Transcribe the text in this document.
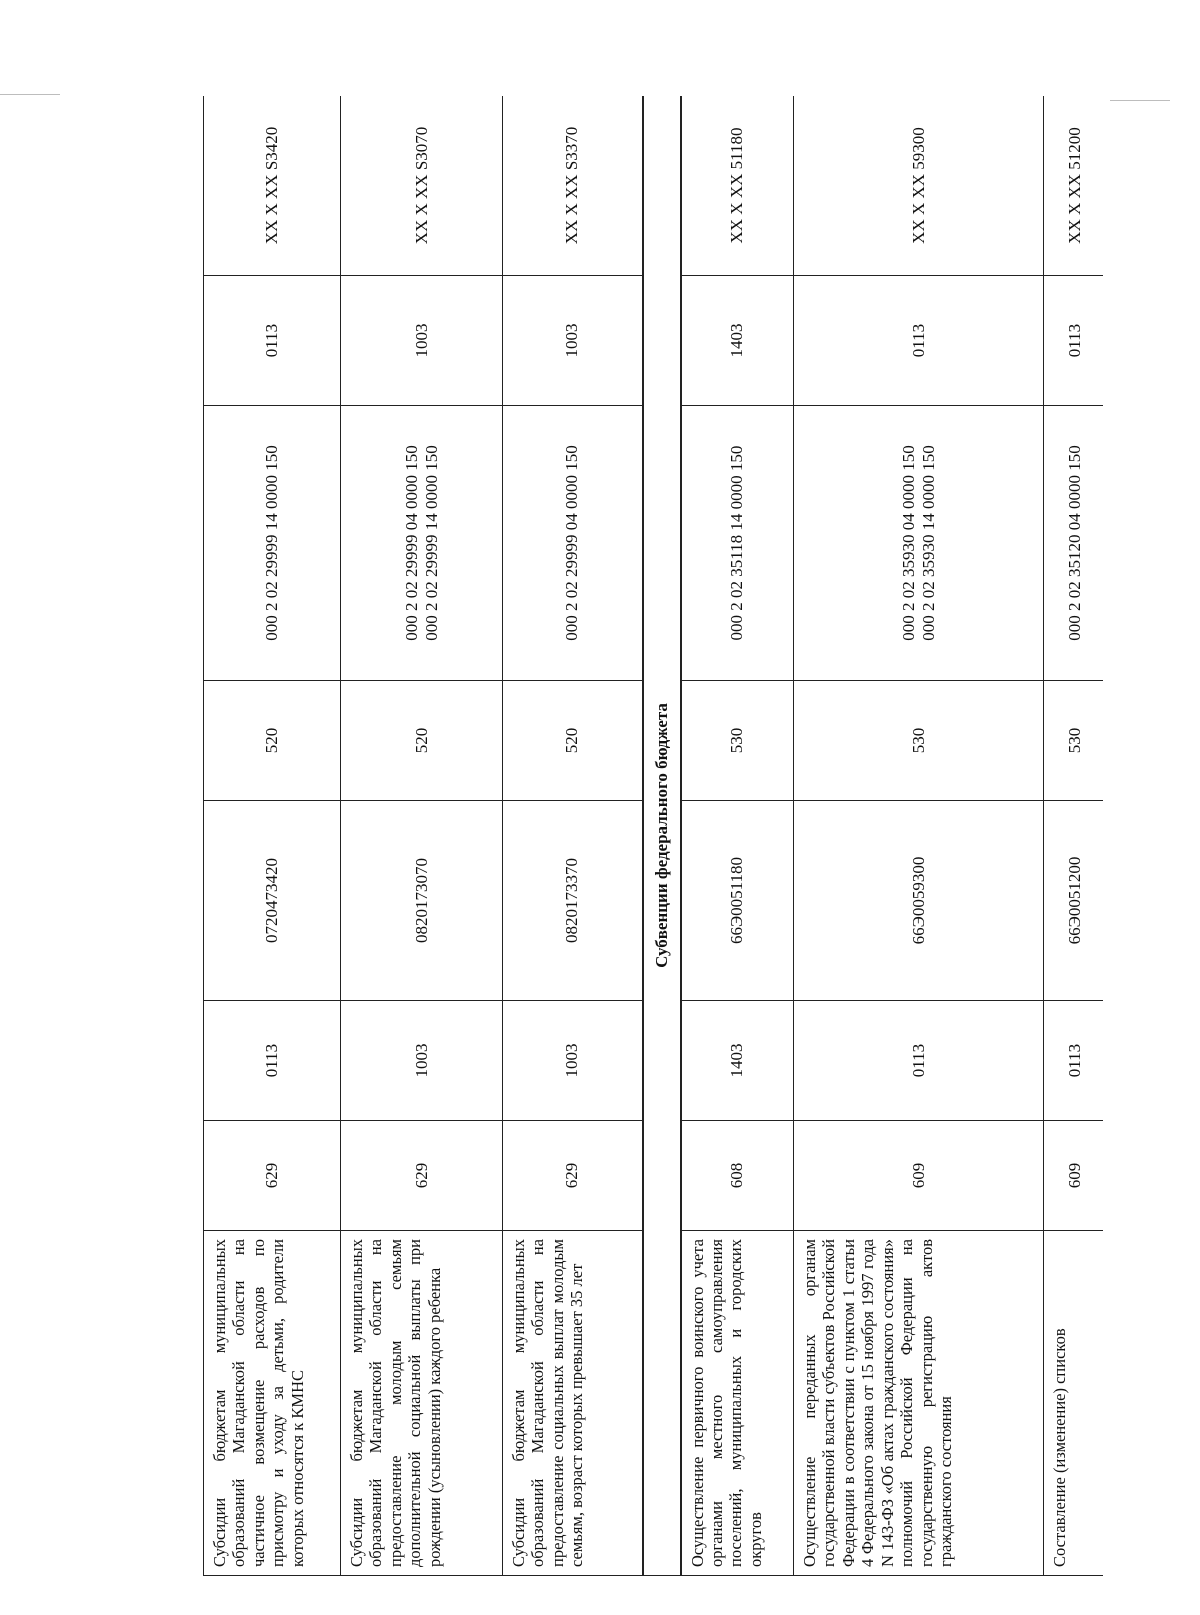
Субсидии бюджетам муниципальных образований Магаданской области на частичное возмещение расходов по присмотру и уходу за детьми, родители которых относятся к КМНС	629	0113	0720473420	520	000 2 02 29999 14 0000 150	0113	XX X XX S3420
Субсидии бюджетам муниципальных образований Магаданской области на предоставление молодым семьям дополнительной социальной выплаты при рождении (усыновлении) каждого ребенка	629	1003	0820173070	520	000 2 02 29999 04 0000 150 000 2 02 29999 14 0000 150	1003	XX X XX S3070
Субсидии бюджетам муниципальных образований Магаданской области на предоставление социальных выплат молодым семьям, возраст которых превышает 35 лет	629	1003	0820173370	520	000 2 02 29999 04 0000 150	1003	XX X XX S3370
Субвенции федерального бюджета							
Осуществление первичного воинского учета органами местного самоуправления поселений, муниципальных и городских округов	608	1403	66Э0051180	530	000 2 02 35118 14 0000 150	1403	XX X XX 51180
Осуществление переданных органам государственной власти субъектов Российской Федерации в соответствии с пунктом 1 статьи 4 Федерального закона от 15 ноября 1997 года N 143-ФЗ «Об актах гражданского состояния» полномочий Российской Федерации на государственную регистрацию актов гражданского состояния	609	0113	66Э0059300	530	000 2 02 35930 04 0000 150 000 2 02 35930 14 0000 150	0113	XX X XX 59300
Составление (изменение) списков	609	0113	66Э0051200	530	000 2 02 35120 04 0000 150	0113	XX X XX 51200
